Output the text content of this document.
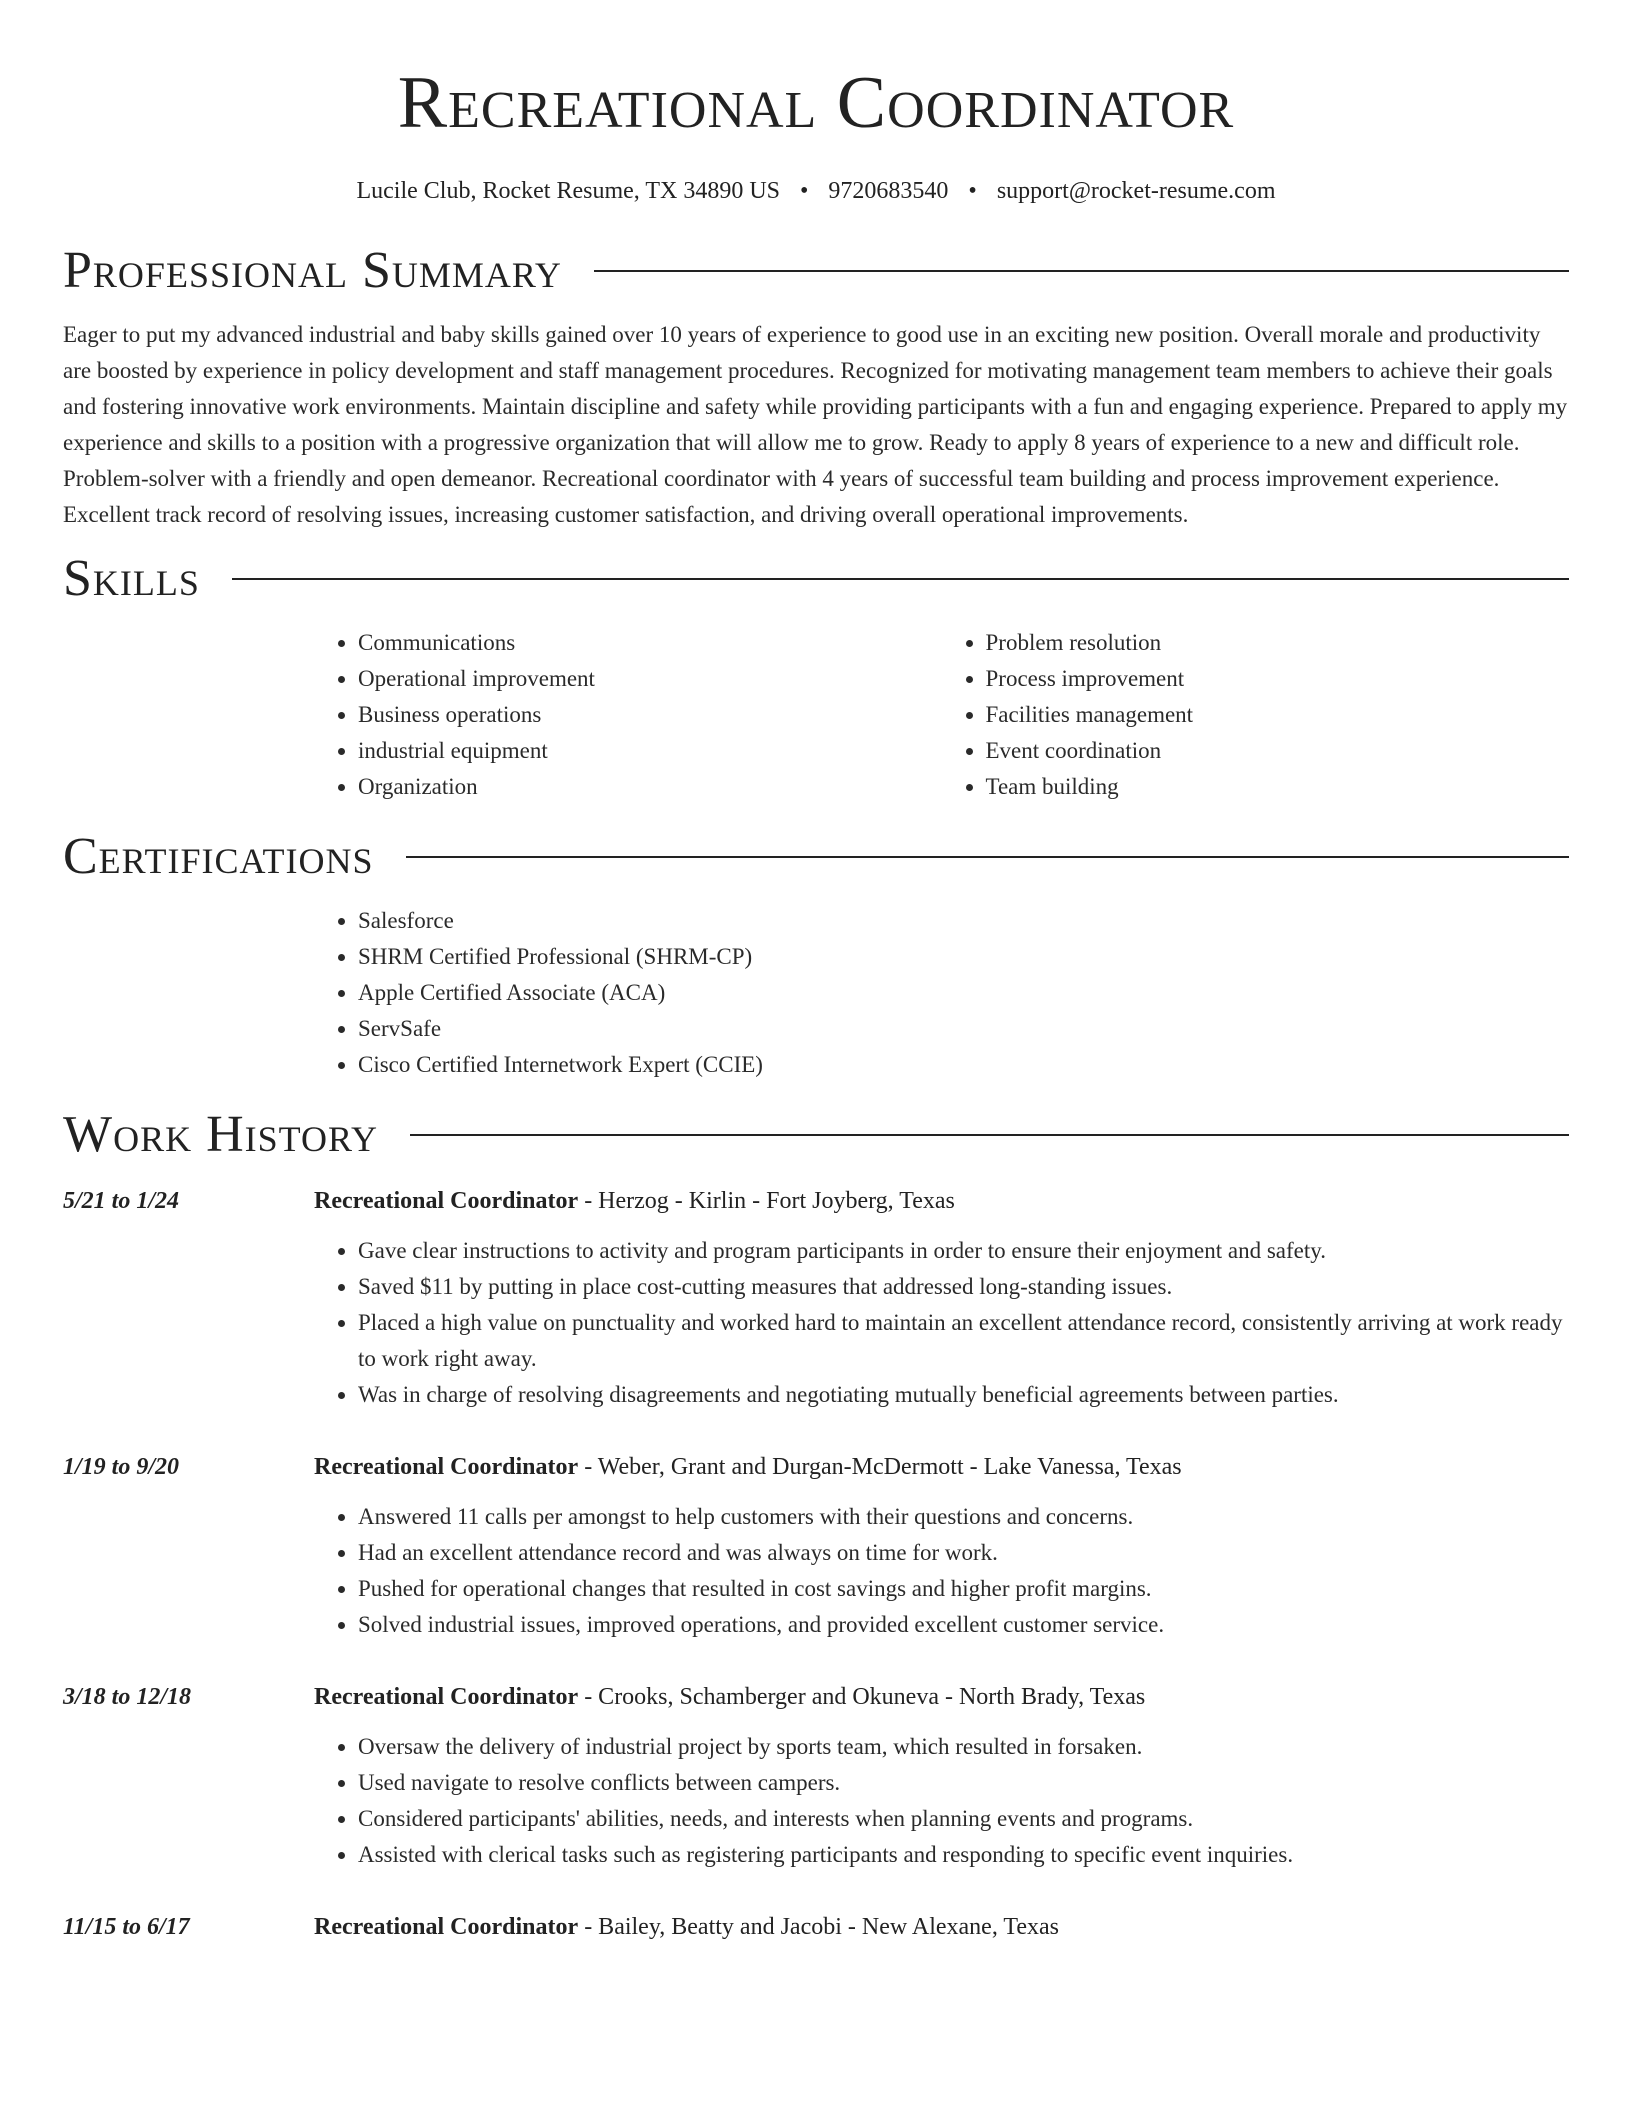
Recreational Coordinator
Lucile Club, Rocket Resume, TX 34890 US • 9720683540 • support@rocket-resume.com
Professional Summary

Eager to put my advanced industrial and baby skills gained over 10 years of experience to good use in an exciting new position. Overall morale and productivity are boosted by experience in policy development and staff management procedures. Recognized for motivating management team members to achieve their goals and fostering innovative work environments. Maintain discipline and safety while providing participants with a fun and engaging experience. Prepared to apply my experience and skills to a position with a progressive organization that will allow me to grow. Ready to apply 8 years of experience to a new and difficult role. Problem-solver with a friendly and open demeanor. Recreational coordinator with 4 years of successful team building and process improvement experience. Excellent track record of resolving issues, increasing customer satisfaction, and driving overall operational improvements.

Skills
• Communications
• Operational improvement
• Business operations
• industrial equipment
• Organization
• Problem resolution
• Process improvement
• Facilities management
• Event coordination
• Team building
Certifications
• Salesforce
• SHRM Certified Professional (SHRM-CP)
• Apple Certified Associate (ACA)
• ServSafe
• Cisco Certified Internetwork Expert (CCIE)
Work History
5/21 to 1/24	Recreational Coordinator - Herzog - Kirlin - Fort Joyberg, Texas
• Gave clear instructions to activity and program participants in order to ensure their enjoyment and safety.
• Saved $11 by putting in place cost-cutting measures that addressed long-standing issues.
• Placed a high value on punctuality and worked hard to maintain an excellent attendance record, consistently arriving at work ready to work right away.
• Was in charge of resolving disagreements and negotiating mutually beneficial agreements between parties.
1/19 to 9/20	Recreational Coordinator - Weber, Grant and Durgan-McDermott - Lake Vanessa, Texas
• Answered 11 calls per amongst to help customers with their questions and concerns.
• Had an excellent attendance record and was always on time for work.
• Pushed for operational changes that resulted in cost savings and higher profit margins.
• Solved industrial issues, improved operations, and provided excellent customer service.
3/18 to 12/18	Recreational Coordinator - Crooks, Schamberger and Okuneva - North Brady, Texas
• Oversaw the delivery of industrial project by sports team, which resulted in forsaken.
• Used navigate to resolve conflicts between campers.
• Considered participants' abilities, needs, and interests when planning events and programs.
• Assisted with clerical tasks such as registering participants and responding to specific event inquiries.
11/15 to 6/17	Recreational Coordinator - Bailey, Beatty and Jacobi - New Alexane, Texas
